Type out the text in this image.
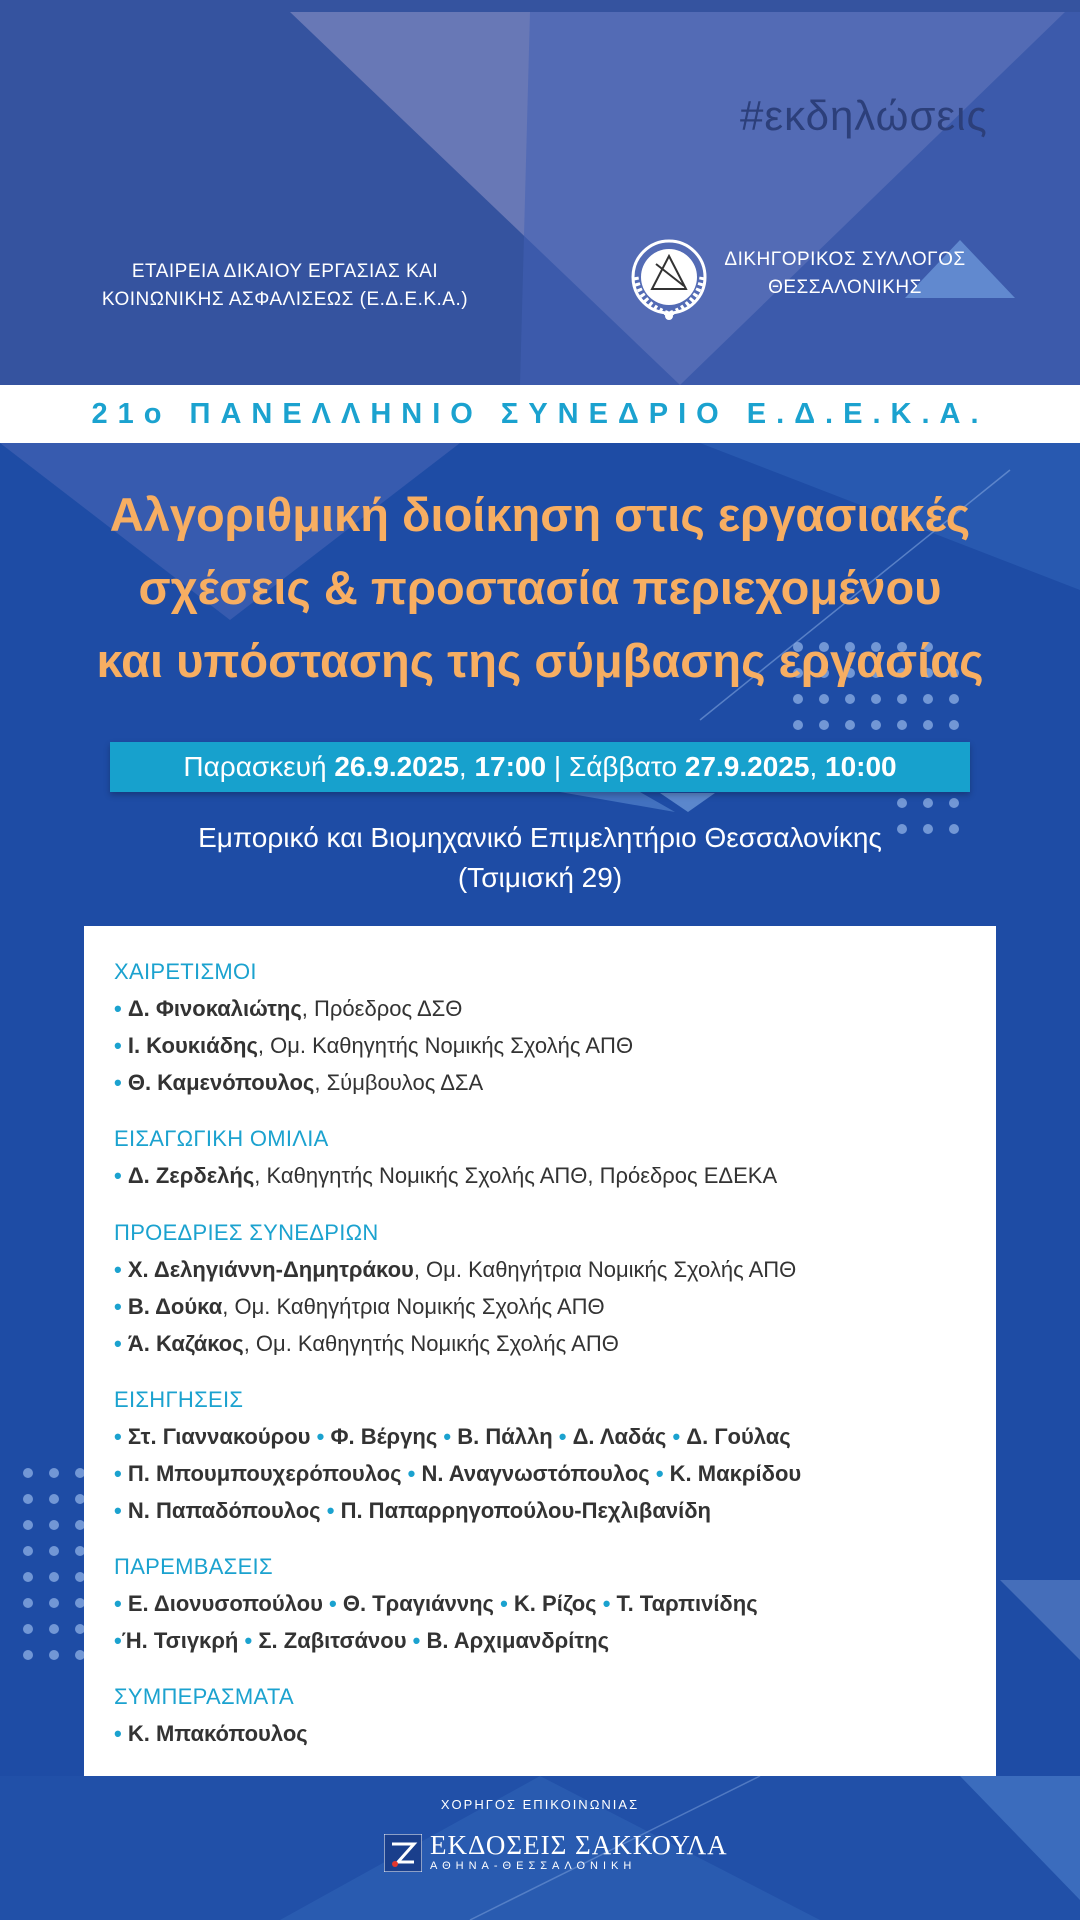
#εκδηλώσεις
ΕΤΑΙΡΕΙΑ ΔΙΚΑΙΟΥ ΕΡΓΑΣΙΑΣ ΚΑΙ
ΚΟΙΝΩΝΙΚΗΣ ΑΣΦΑΛΙΣΕΩΣ (Ε.Δ.Ε.Κ.Α.)
ΔΙΚΗΓΟΡΙΚΟΣ ΣΥΛΛΟΓΟΣ
ΘΕΣΣΑΛΟΝΙΚΗΣ
21ο ΠΑΝΕΛΛΗΝΙΟ ΣΥΝΕΔΡΙΟ Ε.Δ.Ε.Κ.Α.
Αλγοριθμική διοίκηση στις εργασιακές
σχέσεις & προστασία περιεχομένου
και υπόστασης της σύμβασης εργασίας
Παρασκευή
26.9.2025 , 17:00
|
Σάββατο
27.9.2025 , 10:00
Εμπορικό και Βιομηχανικό Επιμελητήριο Θεσσαλονίκης
(Τσιμισκή 29)
ΧΑΙΡΕΤΙΣΜΟΙ
• Δ. Φινοκαλιώτης, Πρόεδρος ΔΣΘ
• Ι. Κουκιάδης, Ομ. Καθηγητής Νομικής Σχολής ΑΠΘ
• Θ. Καμενόπουλος, Σύμβουλος ΔΣΑ
ΕΙΣΑΓΩΓΙΚΗ ΟΜΙΛΙΑ
• Δ. Ζερδελής, Καθηγητής Νομικής Σχολής ΑΠΘ, Πρόεδρος ΕΔΕΚΑ
ΠΡΟΕΔΡΙΕΣ ΣΥΝΕΔΡΙΩΝ
• Χ. Δεληγιάννη-Δημητράκου, Ομ. Καθηγήτρια Νομικής Σχολής ΑΠΘ
• Β. Δούκα, Ομ. Καθηγήτρια Νομικής Σχολής ΑΠΘ
• Ά. Καζάκος, Ομ. Καθηγητής Νομικής Σχολής ΑΠΘ
ΕΙΣΗΓΗΣΕΙΣ
• Στ. Γιαννακούρου • Φ. Βέργης • Β. Πάλλη • Δ. Λαδάς • Δ. Γούλας
• Π. Μπουμπουχερόπουλος • Ν. Αναγνωστόπουλος • Κ. Μακρίδου
• Ν. Παπαδόπουλος • Π. Παπαρρηγοπούλου-Πεχλιβανίδη
ΠΑΡΕΜΒΑΣΕΙΣ
• Ε. Διονυσοπούλου • Θ. Τραγιάννης • Κ. Ρίζος • Τ. Ταρπινίδης
•Ή. Τσιγκρή • Σ. Ζαβιτσάνου • Β. Αρχιμανδρίτης
ΣΥΜΠΕΡΑΣΜΑΤΑ
• Κ. Μπακόπουλος
ΧΟΡΗΓΟΣ ΕΠΙΚΟΙΝΩΝΙΑΣ
ΕΚΔΟΣΕΙΣ ΣΑΚΚΟΥΛΑ
ΑΘΗΝΑ-ΘΕΣΣΑΛΟΝΙΚΗ
